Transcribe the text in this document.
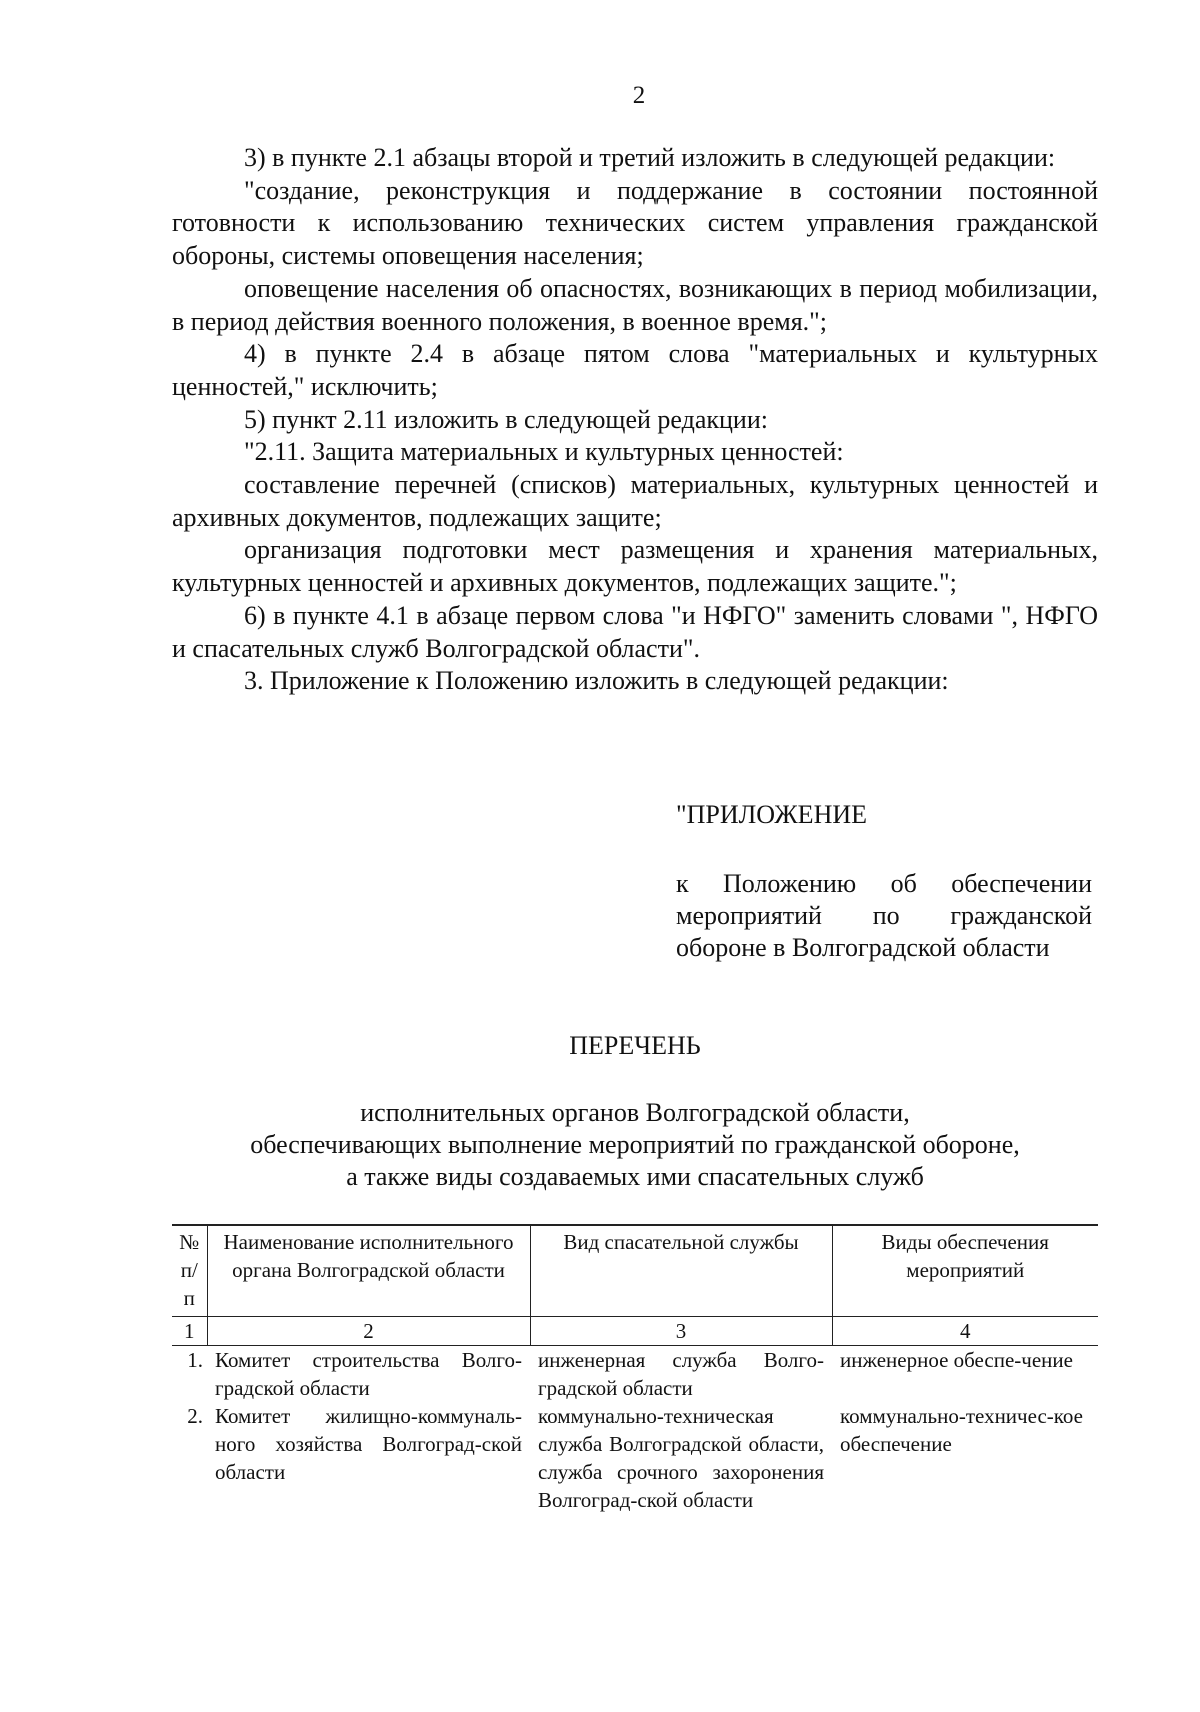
2

3) в пункте 2.1 абзацы второй и третий изложить в следующей редакции:

"создание, реконструкция и поддержание в состоянии постоянной готовности к использованию технических систем управления гражданской обороны, системы оповещения населения;

оповещение населения об опасностях, возникающих в период мобилизации, в период действия военного положения, в военное время.";

4) в пункте 2.4 в абзаце пятом слова "материальных и культурных ценностей," исключить;

5) пункт 2.11 изложить в следующей редакции:

"2.11. Защита материальных и культурных ценностей:

составление перечней (списков) материальных, культурных ценностей и архивных документов, подлежащих защите;

организация подготовки мест размещения и хранения материальных, культурных ценностей и архивных документов, подлежащих защите.";

6) в пункте 4.1 в абзаце первом слова "и НФГО" заменить словами ", НФГО и спасательных служб Волгоградской области".

3. Приложение к Положению изложить в следующей редакции:

"ПРИЛОЖЕНИЕ
к Положению об обеспечении мероприятий по гражданской обороне в Волгоградской области
ПЕРЕЧЕНЬ
исполнительных органов Волгоградской области,
обеспечивающих выполнение мероприятий по гражданской обороне,
а также виды создаваемых ими спасательных служб
№ п/п	Наименование исполнительного органа Волгоградской области	Вид спасательной службы	Виды обеспечения мероприятий
1	2	3	4
1.	Комитет строительства Волго-градской области	инженерная служба Волго-градской области	инженерное обеспе-чение
2.	Комитет жилищно-коммуналь-ного хозяйства Волгоград-ской области	коммунально-техническая служба Волгоградской области, служба срочного захоронения Волгоград-ской области	коммунально-техничес-кое обеспечение
